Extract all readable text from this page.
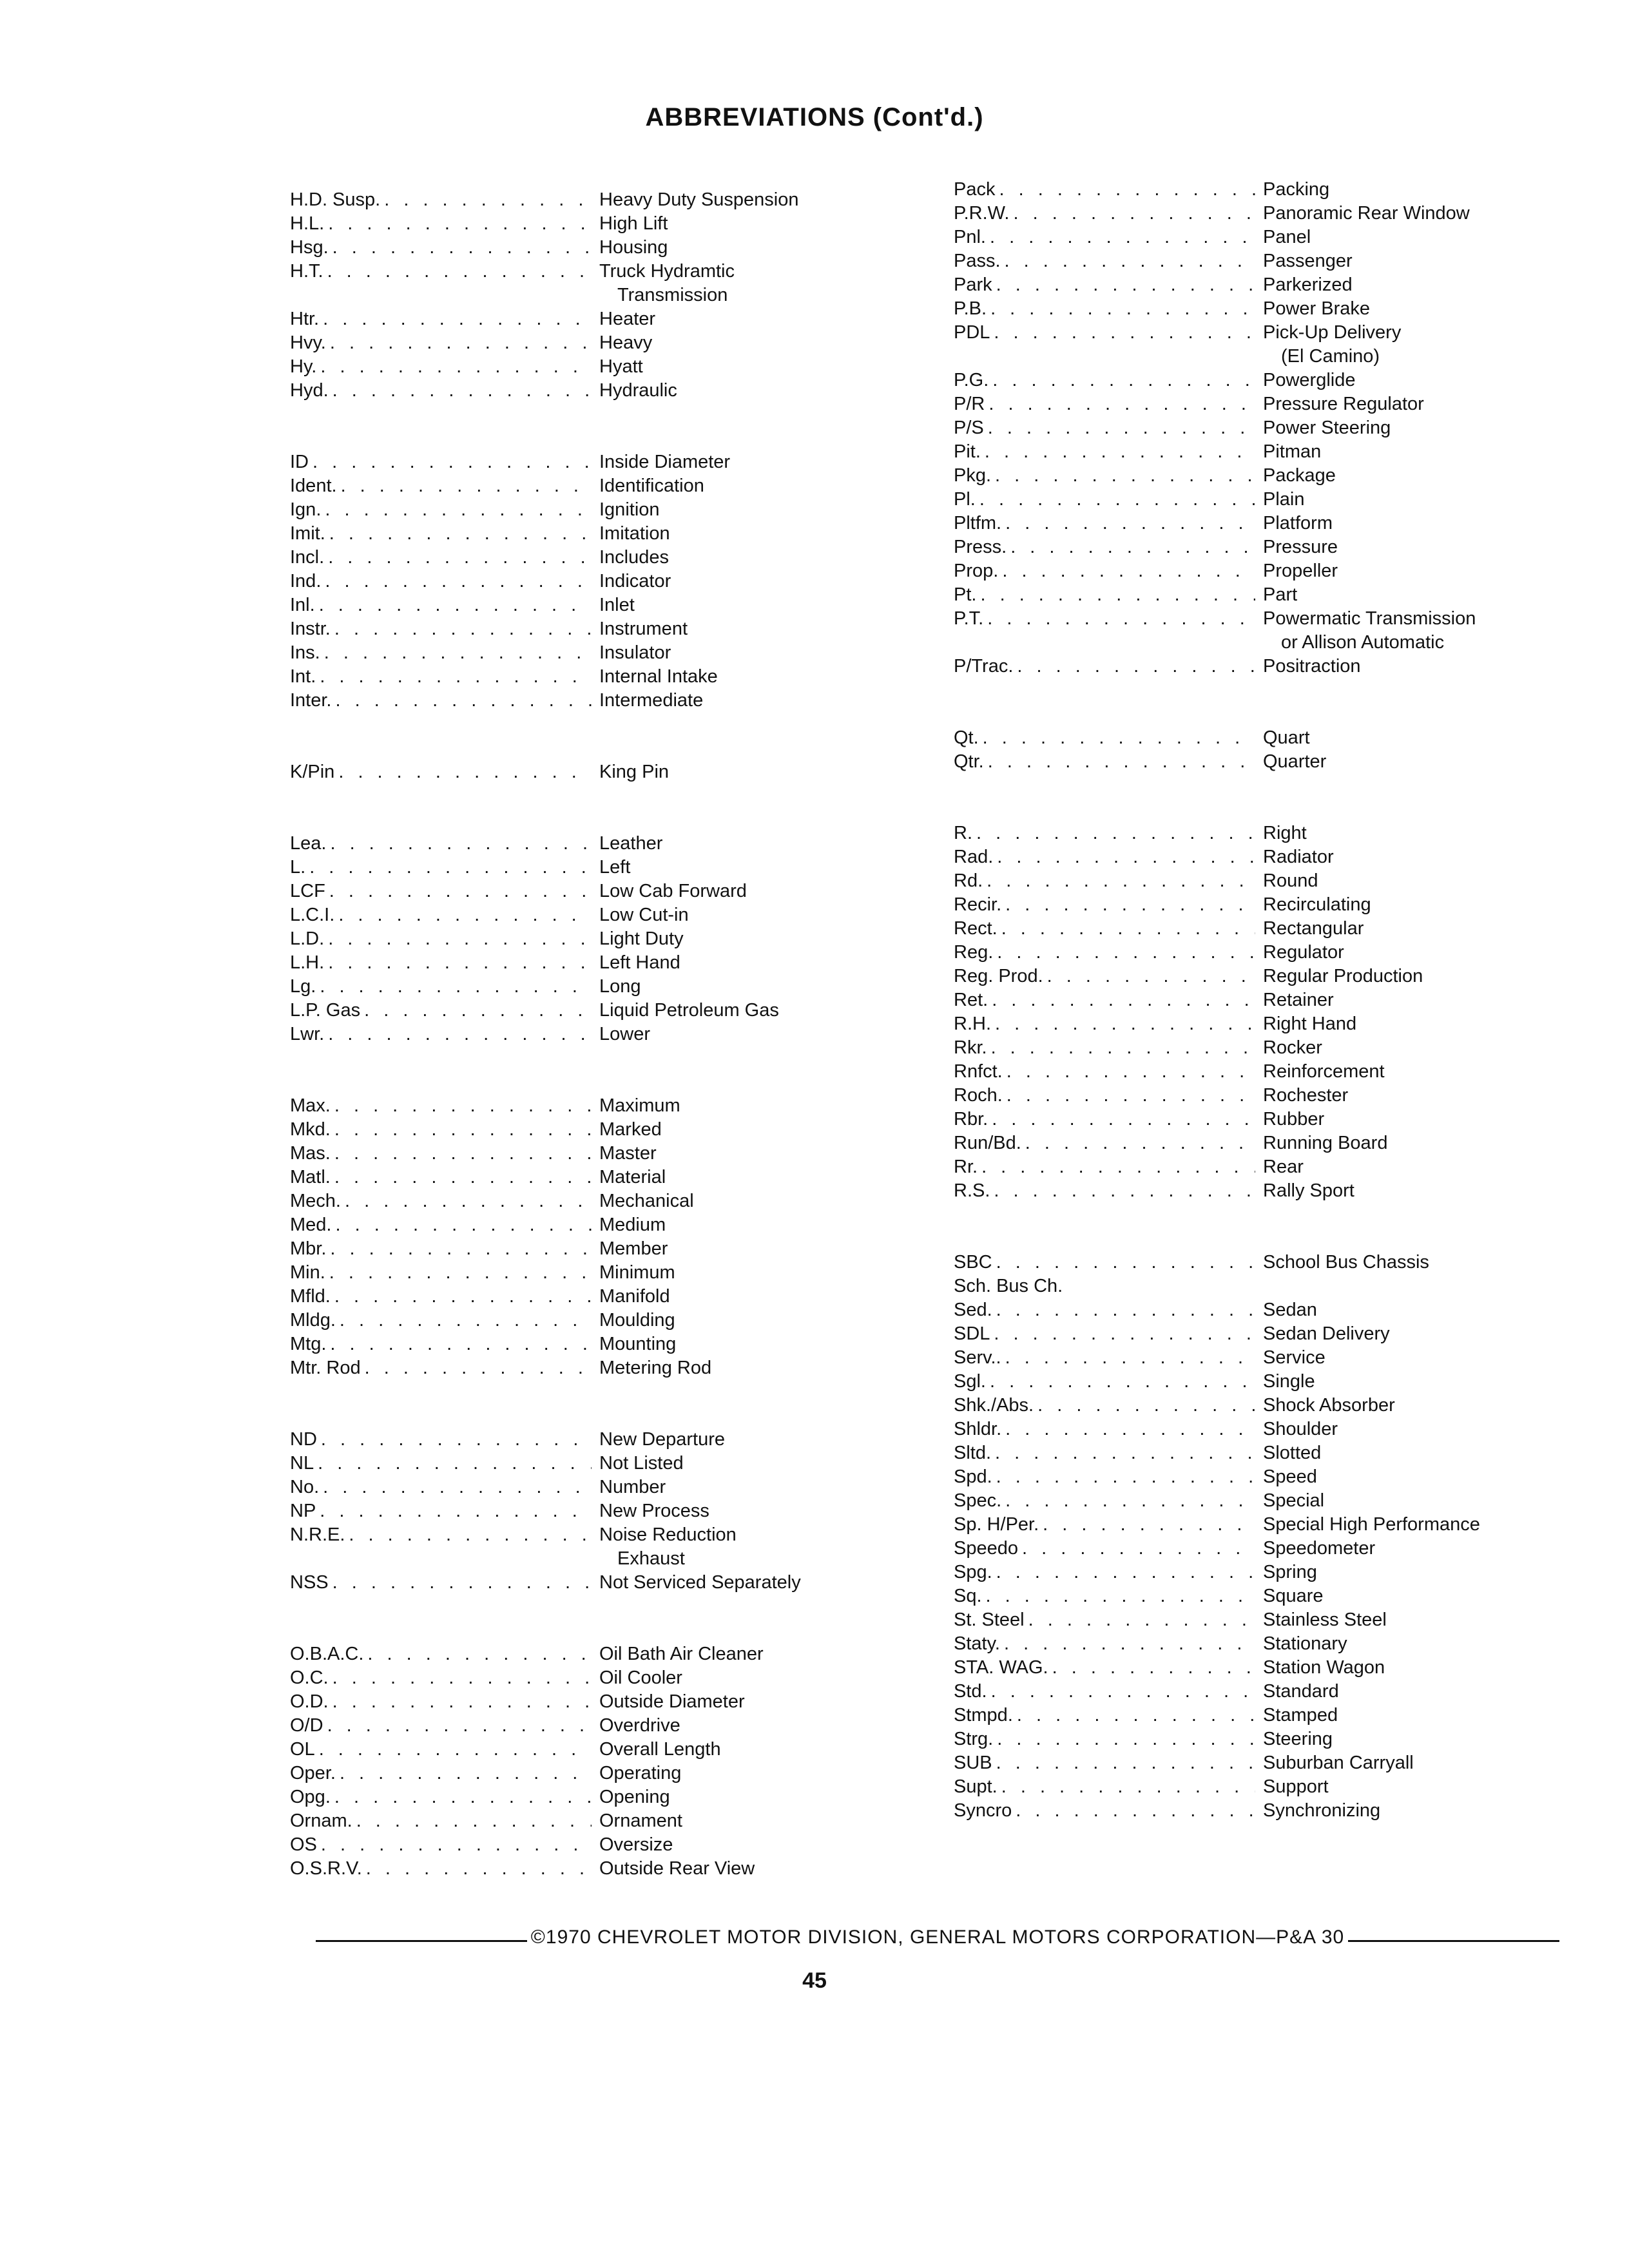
ABBREVIATIONS (Cont'd.)
H.D. Susp. . . .	Heavy Duty Suspension
H.L. . . .	High Lift
Hsg. . . .	Housing
H.T. . . .	Truck Hydramtic
Transmission
Htr. . . .	Heater
Hvy. . . .	Heavy
Hy. . . .	Hyatt
Hyd. . . .	Hydraulic
ID . . .	Inside Diameter
Ident. . . .	Identification
Ign. . . .	Ignition
Imit. . . .	Imitation
Incl. . . .	Includes
Ind. . . .	Indicator
Inl. . . .	Inlet
Instr. . . .	Instrument
Ins. . . .	Insulator
Int. . . .	Internal Intake
Inter. . . .	Intermediate
K/Pin . . .	King Pin
Lea. . . .	Leather
L. . . .	Left
LCF . . .	Low Cab Forward
L.C.I. . . .	Low Cut-in
L.D. . . .	Light Duty
L.H. . . .	Left Hand
Lg. . . .	Long
L.P. Gas . . .	Liquid Petroleum Gas
Lwr. . . .	Lower
Max. . . .	Maximum
Mkd. . . .	Marked
Mas. . . .	Master
Matl. . . .	Material
Mech. . . .	Mechanical
Med. . . .	Medium
Mbr. . . .	Member
Min. . . .	Minimum
Mfld. . . .	Manifold
Mldg. . . .	Moulding
Mtg. . . .	Mounting
Mtr. Rod . . .	Metering Rod
ND . . .	New Departure
NL . . .	Not Listed
No. . . .	Number
NP . . .	New Process
N.R.E. . . .	Noise Reduction
Exhaust
NSS . . .	Not Serviced Separately
O.B.A.C. . . .	Oil Bath Air Cleaner
O.C. . . .	Oil Cooler
O.D. . . .	Outside Diameter
O/D . . .	Overdrive
OL . . .	Overall Length
Oper. . . .	Operating
Opg. . . .	Opening
Ornam. . . .	Ornament
OS . . .	Oversize
O.S.R.V. . . .	Outside Rear View
Pack . . .	Packing
P.R.W. . . .	Panoramic Rear Window
Pnl. . . .	Panel
Pass. . . .	Passenger
Park . . .	Parkerized
P.B. . . .	Power Brake
PDL . . .	Pick-Up Delivery
(El Camino)
P.G. . . .	Powerglide
P/R . . .	Pressure Regulator
P/S . . .	Power Steering
Pit. . . .	Pitman
Pkg. . . .	Package
Pl. . . .	Plain
Pltfm. . . .	Platform
Press. . . .	Pressure
Prop. . . .	Propeller
Pt. . . .	Part
P.T. . . .	Powermatic Transmission
or Allison Automatic
P/Trac. . . .	Positraction
Qt. . . .	Quart
Qtr. . . .	Quarter
R. . . .	Right
Rad. . . .	Radiator
Rd. . . .	Round
Recir. . . .	Recirculating
Rect. . . .	Rectangular
Reg. . . .	Regulator
Reg. Prod. . . .	Regular Production
Ret. . . .	Retainer
R.H. . . .	Right Hand
Rkr. . . .	Rocker
Rnfct. . . .	Reinforcement
Roch. . . .	Rochester
Rbr. . . .	Rubber
Run/Bd. . . .	Running Board
Rr. . . .	Rear
R.S. . . .	Rally Sport
SBC . . .	School Bus Chassis
Sch. Bus Ch.
Sed. . . .	Sedan
SDL . . .	Sedan Delivery
Serv.. . . .	Service
Sgl. . . .	Single
Shk./Abs. . . .	Shock Absorber
Shldr. . . .	Shoulder
Sltd. . . .	Slotted
Spd. . . .	Speed
Spec. . . .	Special
Sp. H/Per. . . .	Special High Performance
Speedo . . .	Speedometer
Spg. . . .	Spring
Sq. . . .	Square
St. Steel . . .	Stainless Steel
Staty. . . .	Stationary
STA. WAG. . . .	Station Wagon
Std. . . .	Standard
Stmpd. . . .	Stamped
Strg. . . .	Steering
SUB . . .	Suburban Carryall
Supt. . . .	Support
Syncro . . .	Synchronizing
©1970 CHEVROLET MOTOR DIVISION, GENERAL MOTORS CORPORATION—P&A 30
45
